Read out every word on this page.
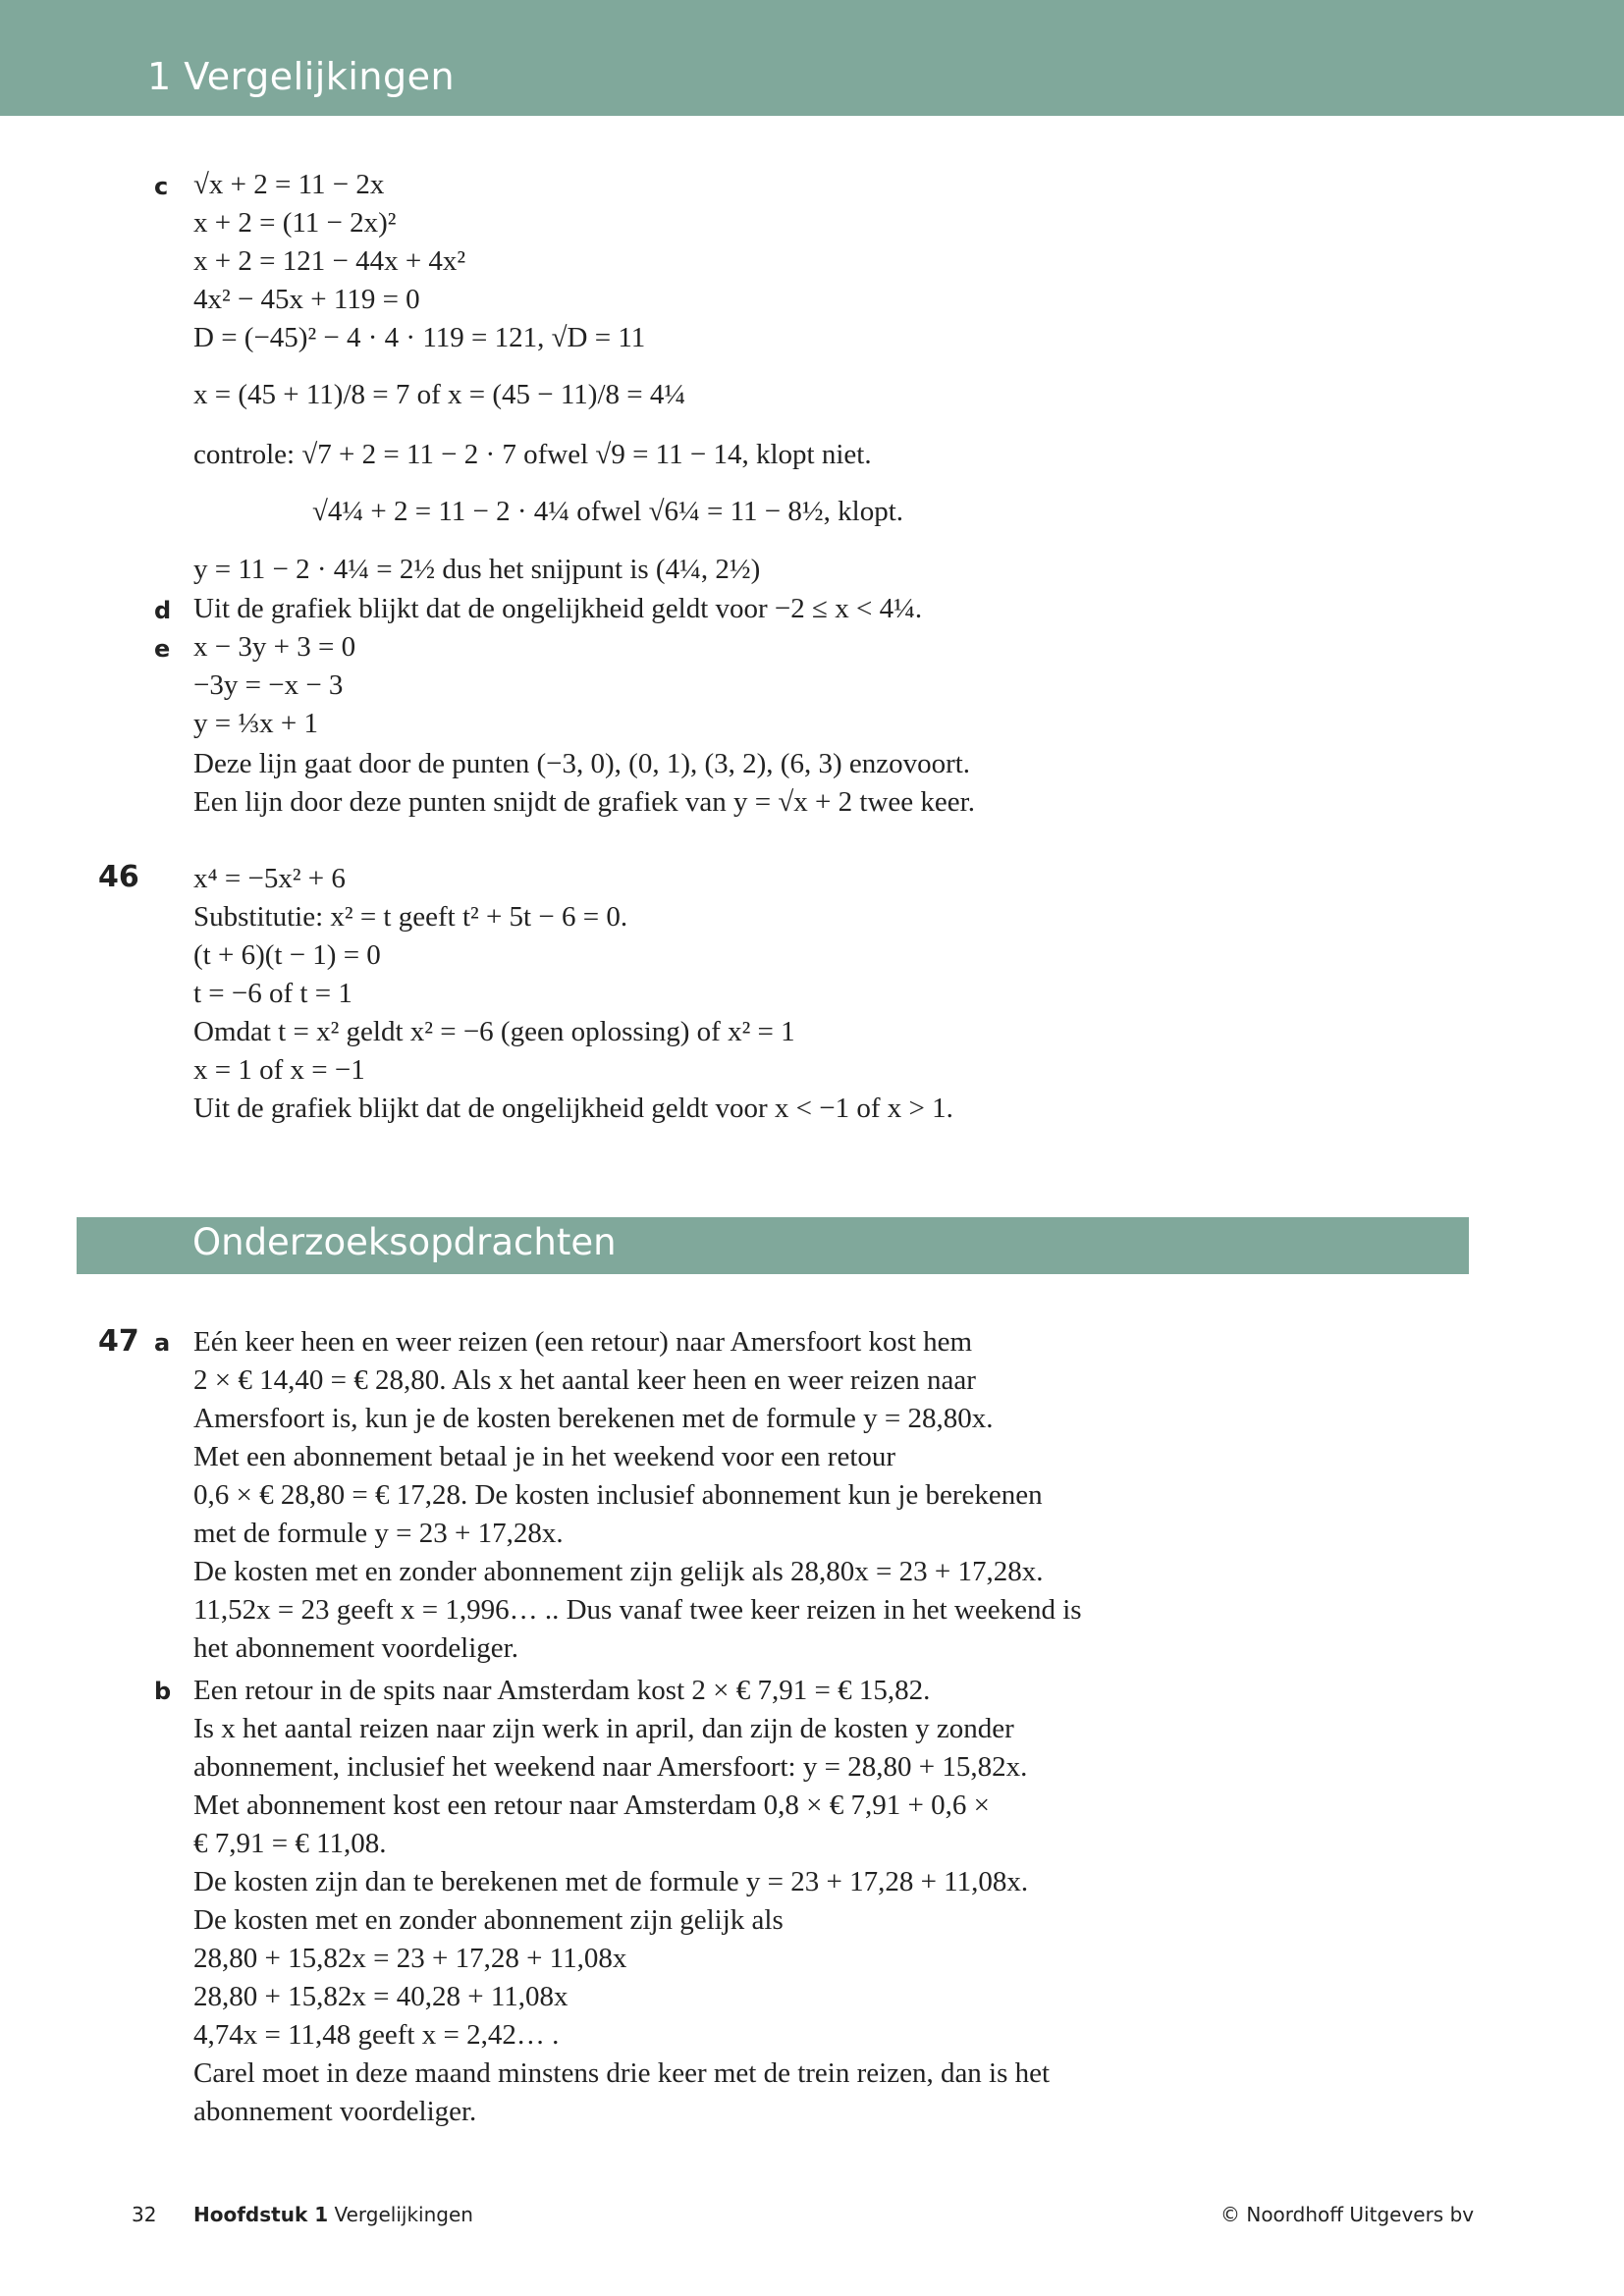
1 Vergelijkingen
c √x + 2 = 11 − 2x
x + 2 = (11 − 2x)²
x + 2 = 121 − 44x + 4x²
4x² − 45x + 119 = 0
D = (−45)² − 4 · 4 · 119 = 121, √D = 11
x = (45 + 11)/8 = 7 of x = (45 − 11)/8 = 4¼
controle: √7 + 2 = 11 − 2 · 7 ofwel √9 = 11 − 14, klopt niet.
√4¼ + 2 = 11 − 2 · 4¼ ofwel √6¼ = 11 − 8½, klopt.
y = 11 − 2 · 4¼ = 2½ dus het snijpunt is (4¼, 2½)
d Uit de grafiek blijkt dat de ongelijkheid geldt voor −2 ≤ x < 4¼.
e x − 3y + 3 = 0
−3y = −x − 3
y = ⅓x + 1
Deze lijn gaat door de punten (−3, 0), (0, 1), (3, 2), (6, 3) enzovoort.
Een lijn door deze punten snijdt de grafiek van y = √x + 2 twee keer.
46 x⁴ = −5x² + 6
Substitutie: x² = t geeft t² + 5t − 6 = 0.
(t + 6)(t − 1) = 0
t = −6 of t = 1
Omdat t = x² geldt x² = −6 (geen oplossing) of x² = 1
x = 1 of x = −1
Uit de grafiek blijkt dat de ongelijkheid geldt voor x < −1 of x > 1.
Onderzoeksopdrachten
47 a Eén keer heen en weer reizen (een retour) naar Amersfoort kost hem
2 × € 14,40 = € 28,80. Als x het aantal keer heen en weer reizen naar
Amersfoort is, kun je de kosten berekenen met de formule y = 28,80x.
Met een abonnement betaal je in het weekend voor een retour
0,6 × € 28,80 = € 17,28. De kosten inclusief abonnement kun je berekenen
met de formule y = 23 + 17,28x.
De kosten met en zonder abonnement zijn gelijk als 28,80x = 23 + 17,28x.
11,52x = 23 geeft x = 1,996… .. Dus vanaf twee keer reizen in het weekend is
het abonnement voordeliger.
b Een retour in de spits naar Amsterdam kost 2 × € 7,91 = € 15,82.
Is x het aantal reizen naar zijn werk in april, dan zijn de kosten y zonder
abonnement, inclusief het weekend naar Amersfoort: y = 28,80 + 15,82x.
Met abonnement kost een retour naar Amsterdam 0,8 × € 7,91 + 0,6 ×
€ 7,91 = € 11,08.
De kosten zijn dan te berekenen met de formule y = 23 + 17,28 + 11,08x.
De kosten met en zonder abonnement zijn gelijk als
28,80 + 15,82x = 23 + 17,28 + 11,08x
28,80 + 15,82x = 40,28 + 11,08x
4,74x = 11,48 geeft x = 2,42… .
Carel moet in deze maand minstens drie keer met de trein reizen, dan is het
abonnement voordeliger.
32 Hoofdstuk 1 Vergelijkingen	© Noordhoff Uitgevers bv
